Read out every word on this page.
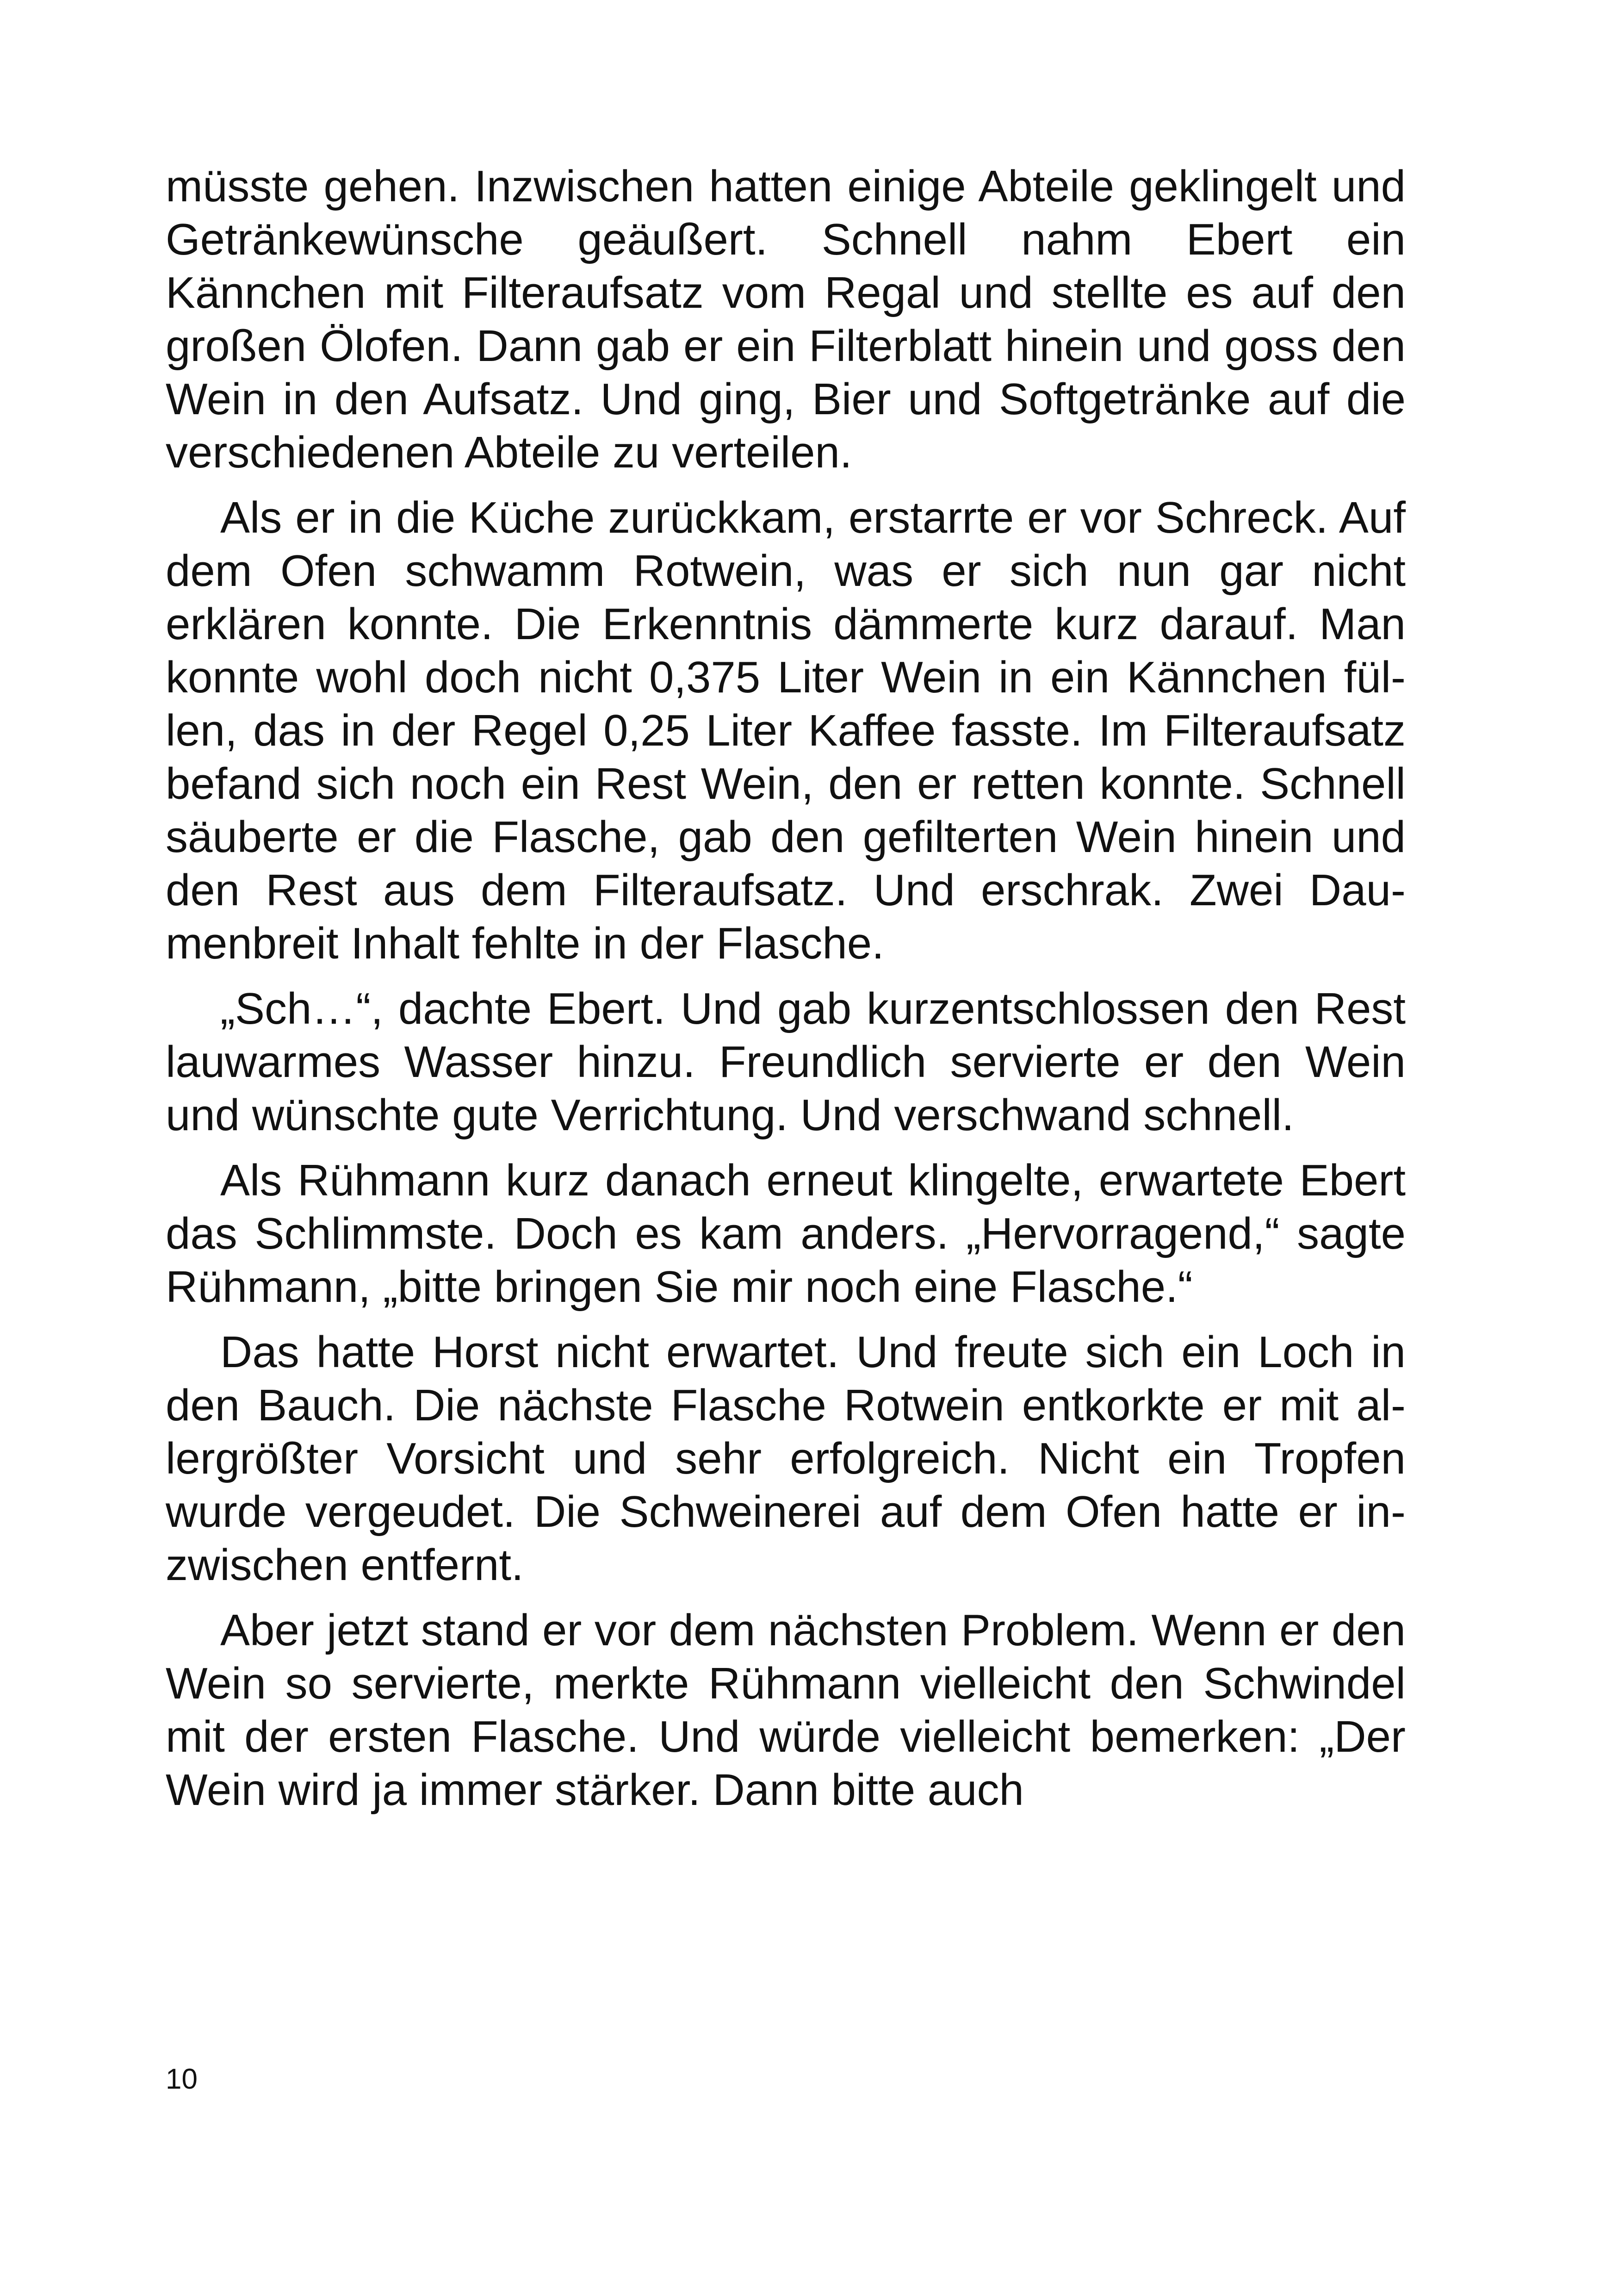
müsste gehen. Inzwischen hatten einige Abteile geklingelt und Getränkewünsche geäußert. Schnell nahm Ebert ein Kännchen mit Filteraufsatz vom Regal und stellte es auf den großen Ölofen. Dann gab er ein Filterblatt hinein und goss den Wein in den Aufsatz. Und ging, Bier und Softgetränke auf die verschiedenen Abteile zu verteilen.

Als er in die Küche zurückkam, erstarrte er vor Schreck. Auf dem Ofen schwamm Rotwein, was er sich nun gar nicht erklären konnte. Die Erkenntnis dämmerte kurz darauf. Man konnte wohl doch nicht 0,375 Liter Wein in ein Kännchen füllen, das in der Regel 0,25 Liter Kaffee fasste. Im Filteraufsatz befand sich noch ein Rest Wein, den er retten konnte. Schnell säuberte er die Flasche, gab den gefilterten Wein hinein und den Rest aus dem Filteraufsatz. Und erschrak. Zwei Daumenbreit Inhalt fehlte in der Flasche.

„Sch…“, dachte Ebert. Und gab kurzentschlossen den Rest lauwarmes Wasser hinzu. Freundlich servierte er den Wein und wünschte gute Verrichtung. Und verschwand schnell.

Als Rühmann kurz danach erneut klingelte, erwartete Ebert das Schlimmste. Doch es kam anders. „Hervorragend,“ sagte Rühmann, „bitte bringen Sie mir noch eine Flasche.“

Das hatte Horst nicht erwartet. Und freute sich ein Loch in den Bauch. Die nächste Flasche Rotwein entkorkte er mit allergrößter Vorsicht und sehr erfolgreich. Nicht ein Tropfen wurde vergeudet. Die Schweinerei auf dem Ofen hatte er inzwischen entfernt.

Aber jetzt stand er vor dem nächsten Problem. Wenn er den Wein so servierte, merkte Rühmann vielleicht den Schwindel mit der ersten Flasche. Und würde vielleicht bemerken: „Der Wein wird ja immer stärker. Dann bitte auch

10
